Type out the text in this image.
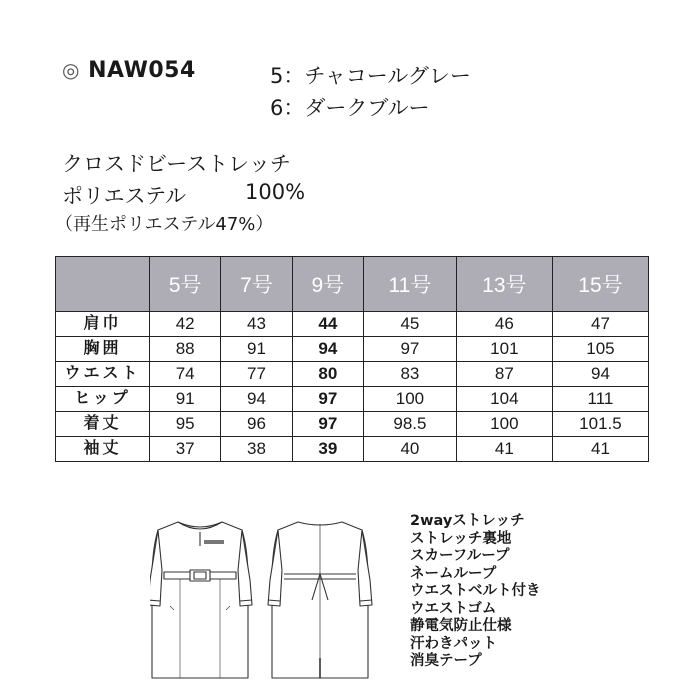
◎ NAW054	5：チャコールグレー
6：ダークブルー
クロスドビーストレッチ
ポリエステル	100%
（再生ポリエステル47%）
	5号	7号	9号	11号	13号	15号
肩巾	42	43	44	45	46	47
胸囲	88	91	94	97	101	105
ウエスト	74	77	80	83	87	94
ヒップ	91	94	97	100	104	111
着丈	95	96	97	98.5	100	101.5
袖丈	37	38	39	40	41	41
2wayストレッチ
ストレッチ裏地
スカーフループ
ネームループ
ウエストベルト付き
ウエストゴム
静電気防止仕様
汗わきパット
消臭テープ
